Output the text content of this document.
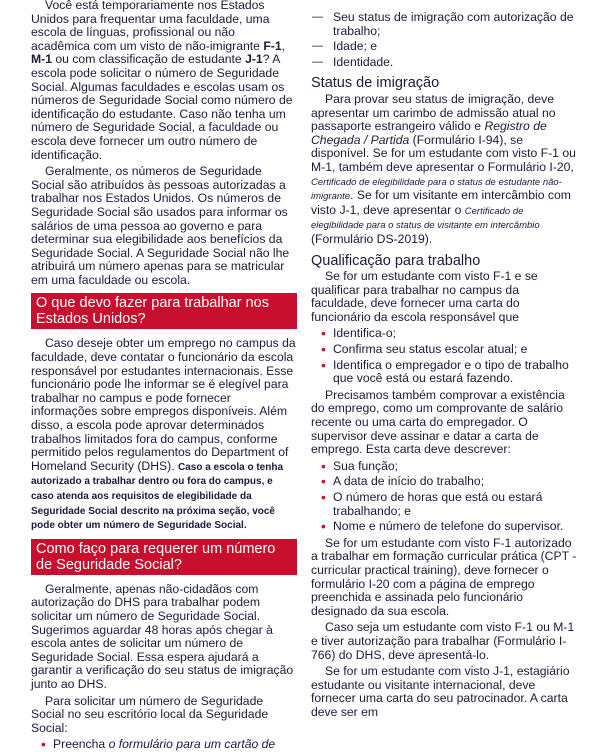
Você está temporariamente nos Estados Unidos para frequentar uma faculdade, uma escola de línguas, profissional ou não acadêmica com um visto de não-imigrante F-1, M-1 ou com classificação de estudante J-1? A escola pode solicitar o número de Seguridade Social. Algumas faculdades e escolas usam os números de Seguridade Social como número de identificação do estudante. Caso não tenha um número de Seguridade Social, a faculdade ou escola deve fornecer um outro número de identificação.

Geralmente, os números de Seguridade Social são atribuídos às pessoas autorizadas a trabalhar nos Estados Unidos. Os números de Seguridade Social são usados para informar os salários de uma pessoa ao governo e para determinar sua elegibilidade aos benefícios da Seguridade Social. A Seguridade Social não lhe atribuirá um número apenas para se matricular em uma faculdade ou escola.

O que devo fazer para trabalhar nos Estados Unidos?

Caso deseje obter um emprego no campus da faculdade, deve contatar o funcionário da escola responsável por estudantes internacionais. Esse funcionário pode lhe informar se é elegível para trabalhar no campus e pode fornecer informações sobre empregos disponíveis. Além disso, a escola pode aprovar determinados trabalhos limitados fora do campus, conforme permitido pelos regulamentos do Department of Homeland Security (DHS). Caso a escola o tenha autorizado a trabalhar dentro ou fora do campus, e caso atenda aos requisitos de elegibilidade da Seguridade Social descrito na próxima seção, você pode obter um número de Seguridade Social.

Como faço para requerer um número de Seguridade Social?

Geralmente, apenas não-cidadãos com autorização do DHS para trabalhar podem solicitar um número de Seguridade Social. Sugerimos aguardar 48 horas após chegar à escola antes de solicitar um número de Seguridade Social. Essa espera ajudará a garantir a verificação do seu status de imigração junto ao DHS.

Para solicitar um número de Seguridade Social no seu escritório local da Seguridade Social:

• Preencha o formulário para um cartão de
— Seu status de imigração com autorização de trabalho;
— Idade; e
— Identidade.
Status de imigração

Para provar seu status de imigração, deve apresentar um carimbo de admissão atual no passaporte estrangeiro válido e Registro de Chegada / Partida (Formulário I-94), se disponível. Se for um estudante com visto F-1 ou M-1, também deve apresentar o Formulário I-20, Certificado de elegibilidade para o status de estudante não-imigrante. Se for um visitante em intercâmbio com visto J-1, deve apresentar o Certificado de elegibilidade para o status de visitante em intercâmbio (Formulário DS-2019).

Qualificação para trabalho

Se for um estudante com visto F-1 e se qualificar para trabalhar no campus da faculdade, deve fornecer uma carta do funcionário da escola responsável que

• Identifica-o;
• Confirma seu status escolar atual; e
• Identifica o empregador e o tipo de trabalho que você está ou estará fazendo.

Precisamos também comprovar a existência do emprego, como um comprovante de salário recente ou uma carta do empregador. O supervisor deve assinar e datar a carta de emprego. Esta carta deve descrever:

• Sua função;
• A data de início do trabalho;
• O número de horas que está ou estará trabalhando; e
• Nome e número de telefone do supervisor.

Se for um estudante com visto F-1 autorizado a trabalhar em formação curricular prática (CPT - curricular practical training), deve fornecer o formulário I-20 com a página de emprego preenchida e assinada pelo funcionário designado da sua escola.

Caso seja um estudante com visto F-1 ou M-1 e tiver autorização para trabalhar (Formulário I-766) do DHS, deve apresentá-lo.

Se for um estudante com visto J-1, estagiário estudante ou visitante internacional, deve fornecer uma carta do seu patrocinador. A carta deve ser em
